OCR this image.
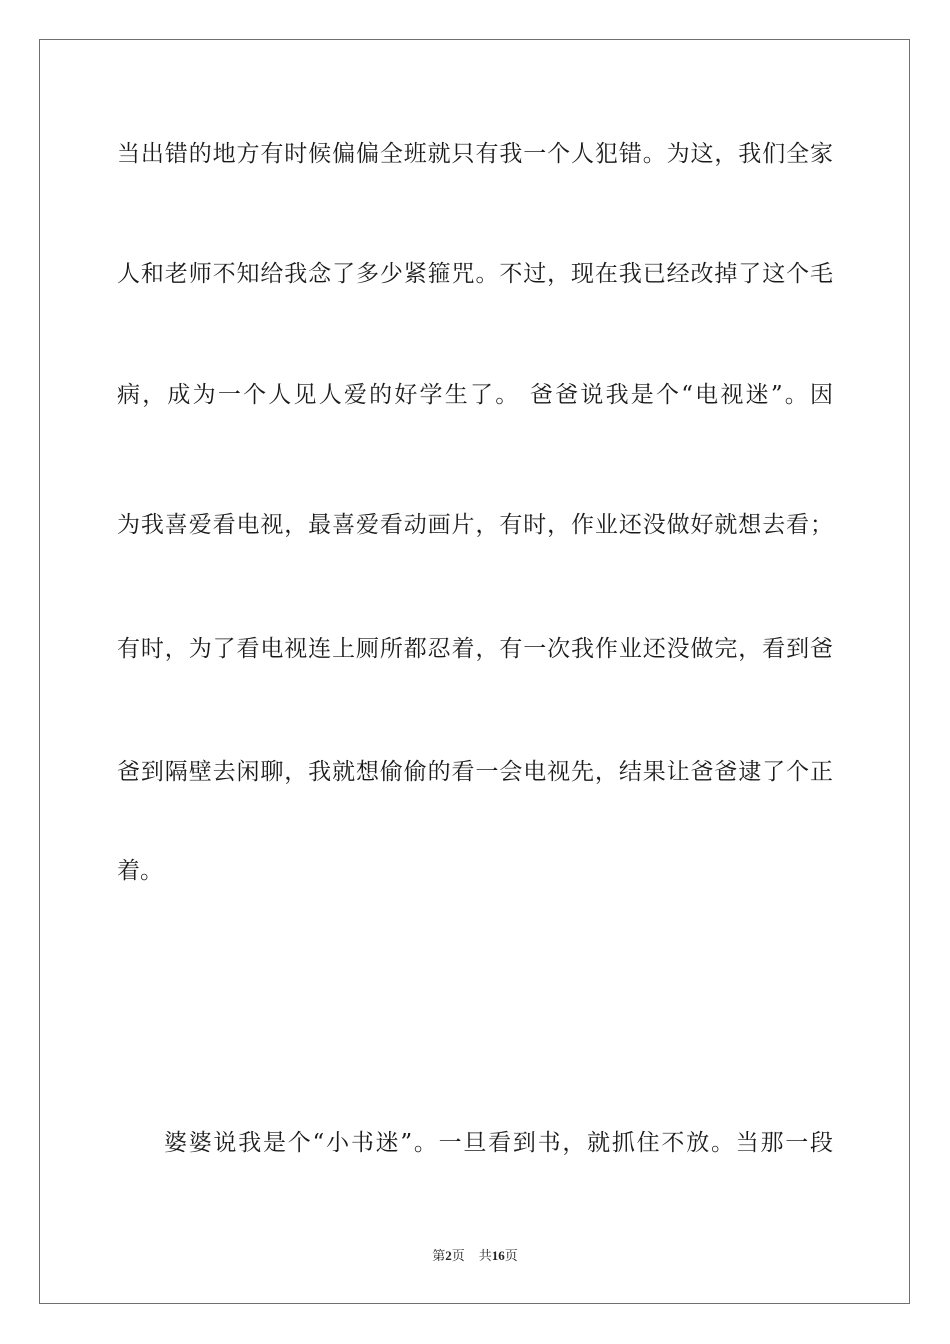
当出错的地方有时候偏偏全班就只有我一个人犯错。为这，我们全家
人和老师不知给我念了多少紧箍咒。不过，现在我已经改掉了这个毛
病，成为一个人见人爱的好学生了。 爸爸说我是个“电视迷”。因
为我喜爱看电视，最喜爱看动画片，有时，作业还没做好就想去看；
有时，为了看电视连上厕所都忍着，有一次我作业还没做完，看到爸
爸到隔壁去闲聊，我就想偷偷的看一会电视先，结果让爸爸逮了个正
着。
婆婆说我是个“小书迷”。一旦看到书，就抓住不放。当那一段
第2页 共16页
